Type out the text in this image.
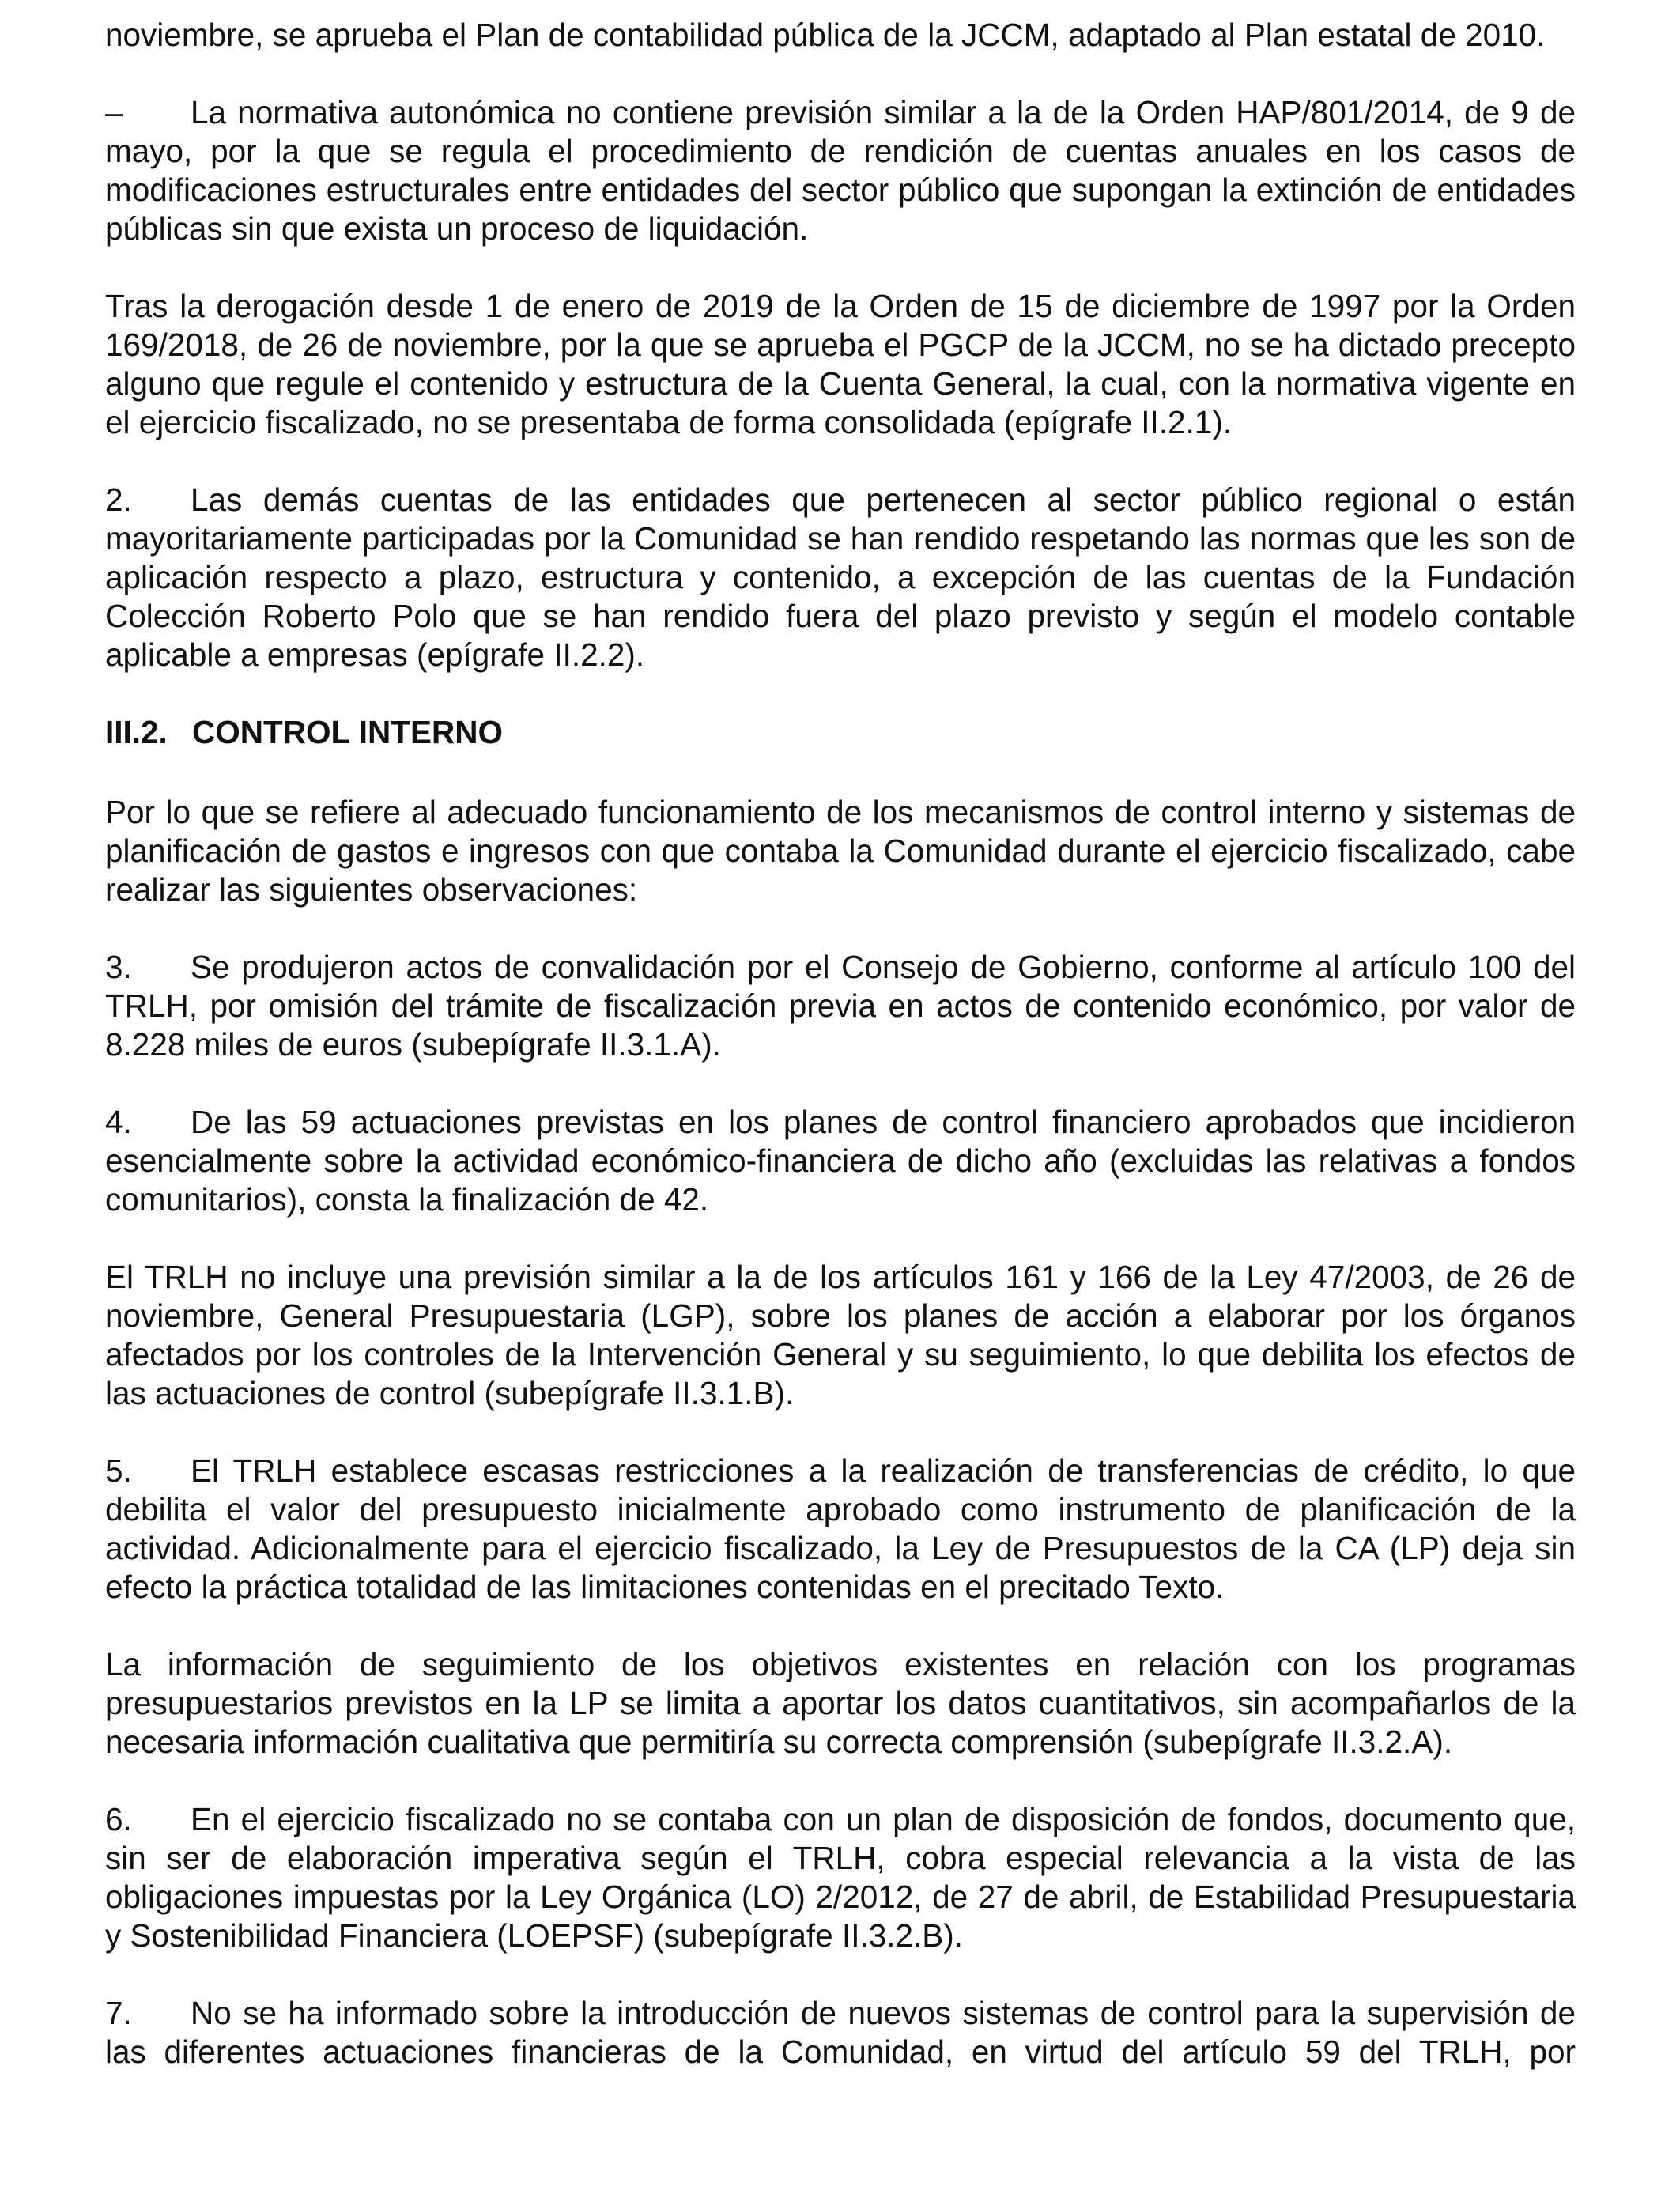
noviembre, se aprueba el Plan de contabilidad pública de la JCCM, adaptado al Plan estatal de 2010.

– La normativa autonómica no contiene previsión similar a la de la Orden HAP/801/2014, de 9 de mayo, por la que se regula el procedimiento de rendición de cuentas anuales en los casos de modificaciones estructurales entre entidades del sector público que supongan la extinción de entidades públicas sin que exista un proceso de liquidación.

Tras la derogación desde 1 de enero de 2019 de la Orden de 15 de diciembre de 1997 por la Orden 169/2018, de 26 de noviembre, por la que se aprueba el PGCP de la JCCM, no se ha dictado precepto alguno que regule el contenido y estructura de la Cuenta General, la cual, con la normativa vigente en el ejercicio fiscalizado, no se presentaba de forma consolidada (epígrafe II.2.1).

2. Las demás cuentas de las entidades que pertenecen al sector público regional o están mayoritariamente participadas por la Comunidad se han rendido respetando las normas que les son de aplicación respecto a plazo, estructura y contenido, a excepción de las cuentas de la Fundación Colección Roberto Polo que se han rendido fuera del plazo previsto y según el modelo contable aplicable a empresas (epígrafe II.2.2).

III.2. CONTROL INTERNO

Por lo que se refiere al adecuado funcionamiento de los mecanismos de control interno y sistemas de planificación de gastos e ingresos con que contaba la Comunidad durante el ejercicio fiscalizado, cabe realizar las siguientes observaciones:

3. Se produjeron actos de convalidación por el Consejo de Gobierno, conforme al artículo 100 del TRLH, por omisión del trámite de fiscalización previa en actos de contenido económico, por valor de 8.228 miles de euros (subepígrafe II.3.1.A).

4. De las 59 actuaciones previstas en los planes de control financiero aprobados que incidieron esencialmente sobre la actividad económico-financiera de dicho año (excluidas las relativas a fondos comunitarios), consta la finalización de 42.

El TRLH no incluye una previsión similar a la de los artículos 161 y 166 de la Ley 47/2003, de 26 de noviembre, General Presupuestaria (LGP), sobre los planes de acción a elaborar por los órganos afectados por los controles de la Intervención General y su seguimiento, lo que debilita los efectos de las actuaciones de control (subepígrafe II.3.1.B).

5. El TRLH establece escasas restricciones a la realización de transferencias de crédito, lo que debilita el valor del presupuesto inicialmente aprobado como instrumento de planificación de la actividad. Adicionalmente para el ejercicio fiscalizado, la Ley de Presupuestos de la CA (LP) deja sin efecto la práctica totalidad de las limitaciones contenidas en el precitado Texto.

La información de seguimiento de los objetivos existentes en relación con los programas presupuestarios previstos en la LP se limita a aportar los datos cuantitativos, sin acompañarlos de la necesaria información cualitativa que permitiría su correcta comprensión (subepígrafe II.3.2.A).

6. En el ejercicio fiscalizado no se contaba con un plan de disposición de fondos, documento que, sin ser de elaboración imperativa según el TRLH, cobra especial relevancia a la vista de las obligaciones impuestas por la Ley Orgánica (LO) 2/2012, de 27 de abril, de Estabilidad Presupuestaria y Sostenibilidad Financiera (LOEPSF) (subepígrafe II.3.2.B).

7. No se ha informado sobre la introducción de nuevos sistemas de control para la supervisión de las diferentes actuaciones financieras de la Comunidad, en virtud del artículo 59 del TRLH, por
